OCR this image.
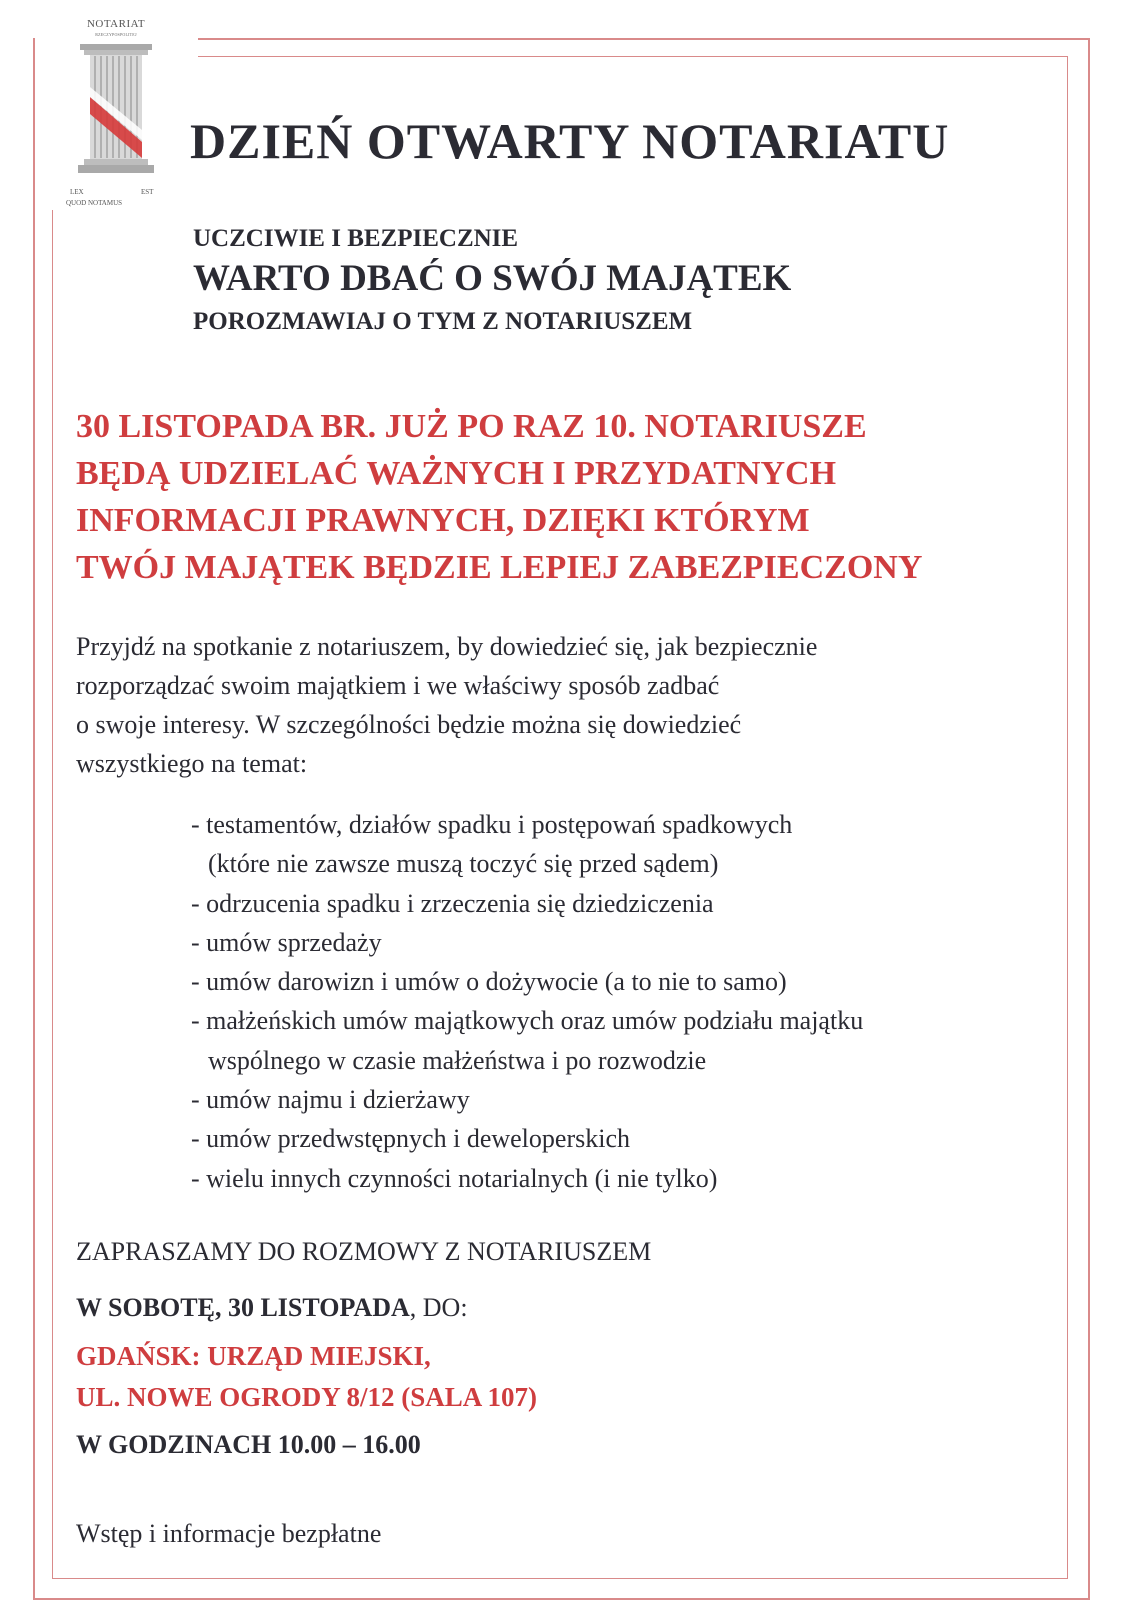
NOTARIAT
RZECZYPOSPOLITEJ
LEX	EST
QUOD NOTAMUS
DZIEŃ OTWARTY NOTARIATU
UCZCIWIE I BEZPIECZNIE
WARTO DBAĆ O SWÓJ MAJĄTEK
POROZMAWIAJ O TYM Z NOTARIUSZEM
30 LISTOPADA BR. JUŻ PO RAZ 10. NOTARIUSZE
BĘDĄ UDZIELAĆ WAŻNYCH I PRZYDATNYCH
INFORMACJI PRAWNYCH, DZIĘKI KTÓRYM
TWÓJ MAJĄTEK BĘDZIE LEPIEJ ZABEZPIECZONY
Przyjdź na spotkanie z notariuszem, by dowiedzieć się, jak bezpiecznie
rozporządzać swoim majątkiem i we właściwy sposób zadbać
o swoje interesy. W szczególności będzie można się dowiedzieć
wszystkiego na temat:
- testamentów, działów spadku i postępowań spadkowych
(które nie zawsze muszą toczyć się przed sądem)
- odrzucenia spadku i zrzeczenia się dziedziczenia
- umów sprzedaży
- umów darowizn i umów o dożywocie (a to nie to samo)
- małżeńskich umów majątkowych oraz umów podziału majątku
wspólnego w czasie małżeństwa i po rozwodzie
- umów najmu i dzierżawy
- umów przedwstępnych i deweloperskich
- wielu innych czynności notarialnych (i nie tylko)
ZAPRASZAMY DO ROZMOWY Z NOTARIUSZEM
W SOBOTĘ, 30 LISTOPADA, DO:
GDAŃSK: URZĄD MIEJSKI,
UL. NOWE OGRODY 8/12 (SALA 107)
W GODZINACH 10.00 – 16.00
Wstęp i informacje bezpłatne
